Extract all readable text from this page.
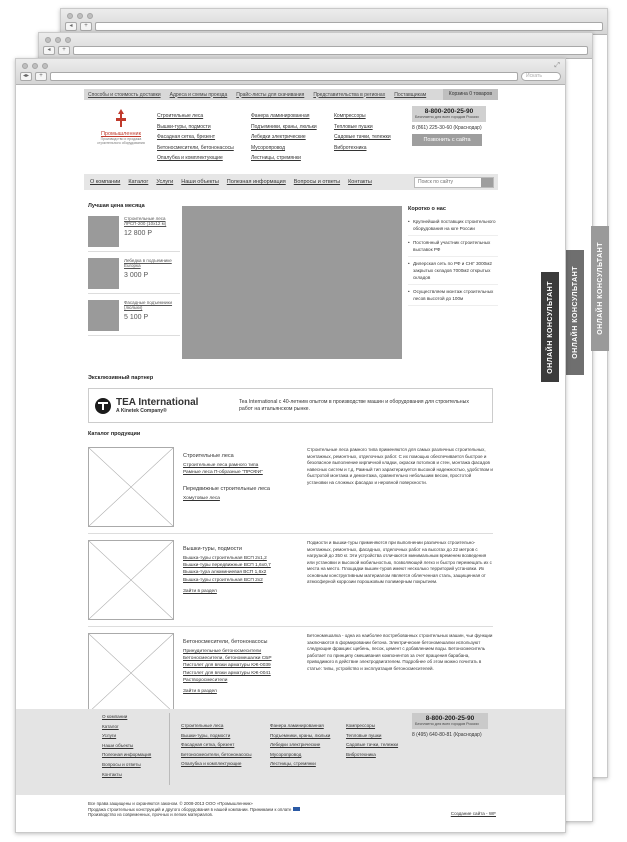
◂	+
◂	+
ОНЛАЙН КОНСУЛЬТАНТ
ОНЛАЙН КОНСУЛЬТАНТ
⤢
◂▸	+	Искать
Способы и стоимость доставки Адреса и схемы проезда Прайс-листы для скачивания Представительства в регионах Поставщикам	Корзина 0 товаров
Промышленник
Производство и продажа строительного оборудования
Строительные леса
Вышки-туры, подмости
Фасадная сетка, брезент
Бетоносмесители, бетононасосы
Опалубка и комплектующие
Фанера ламинированная
Подъемники, краны, люльки
Лебедки электрические
Мусоропровод
Лестницы, стремянки
Компрессоры
Тепловые пушки
Садовые тачки, тележки
Вибротехника
8-800-200-25-90
Бесплатно для всех городов России
8 (861) 225-30-60 (Краснодар)
Позвонить с сайта
О компании Каталог Услуги Наши объекты Полезная информация Вопросы и ответы Контакты
Поиск по сайту
Лучшая цена месяца
Строительные леса ЛРСП-200 (10х12 м)
12 800 Р
Лебедка в подъемнике Euroрка
3 000 Р
Фасадные подъемники (люльки)
5 100 Р
Коротко о нас
• Крупнейший поставщик строительного оборудования на юге России
• Постоянный участник строительных выставок РФ
• Дилерская сеть по РФ и СНГ 3000м2 закрытых складов 7000м2 открытых складов
• Осуществляем монтаж строительных лесов высотой до 100м
Эксклюзивный партнер
TEA International
A Kinetek Company®
Tea International с 40-летним опытом в производстве машин и оборудования для строительных работ на итальянском рынке.
Каталог продукции
Строительные леса
Строительные леса рамного типа
Рамные леса П-образные "ПРОФИ"
Передвижные строительные леса
Хомутовые леса
Строительные леса рамного типа применяются для самых различных строительных, монтажных, ремонтных, отделочных работ. С их помощью обеспечивается быстрое и безопасное выполнение кирпичной кладки, окраски потолков и стен, монтажа фасадов навесных систем и т.д. Рамный тип характеризуется высокой надежностью, удобством и быстротой монтажа и демонтажа, сравнительно небольшим весом, простотой установки на сложных фасадах и неровной поверхности.
Вышки-туры, подмости
Вышка-туры строительная ВСП 2х1,2
Вышки-туры передвижные ВСП 1,6х0,7
Вышка-тура алюминиевая ВСП 1,6х2
Вышка-туры строительная ВСП 2х2
Зайти в раздел
Подмости и вышки-туры применяются при выполнении различных строительно-монтажных, ремонтных, фасадных, отделочных работ на высотах до 22 метров с нагрузкой до 350 кг. Эти устройства отличаются минимальным временем возведения или установки и высокой мобильностью, позволяющей легко и быстро перемещать их с места на место. Площадки вышек-туров имеют несколько территорий установки. Их основным конструктивным материалом является облегченная сталь, защищенная от атмосферной коррозии порошковым полимерным покрытием.
Бетоносмесители, бетононасосы
Принудительные бетоносмесители
Бетоносмесители, бетономешалки СБР
Пистолет для вязки арматуры КЖ-0039
Пистолет для вязки арматуры КЖ-0041
Растворосмесители
Зайти в раздел
Бетономешалка - одна из наиболее востребованных строительных машин, чьи функции заключаются в формировании бетона. Электрические бетономешалки используют следующие фракции: щебень, песок, цемент с добавлением воды. Бетоносмеситель работает по принципу смешивания компонентов за счет вращения барабана, приводимого в действие электродвигателем. Подробнее об этом можно почитать в статье: типы, устройство и эксплуатация бетоносмесителей.
О компании
Каталог
Услуги
Наши объекты
Полезная информация
Вопросы и ответы
Контакты
Строительные леса
Вышки-туры, подмости
Фасадная сетка, брезент
Бетоносмесители, бетононасосы
Опалубка и комплектующие
Фанера ламинированная
Подъемники, краны, люльки
Лебедки электрические
Мусоропровод
Лестницы, стремянки
Компрессоры
Тепловые пушки
Садовые тачки, тележки
Вибротехника
8-800-200-25-90
Бесплатно для всех городов России
8 (495) 640-80-81 (Краснодар)

Все права защищены и охраняются законом. © 2008-2013 ООО «Промышленник»

Продажа строительных конструкций и другого оборудования в нашей компании. Принимаем к оплате

Производство из современных, прочных и легких материалов.	Создание сайта - WF
ОНЛАЙН КОНСУЛЬТАНТ
